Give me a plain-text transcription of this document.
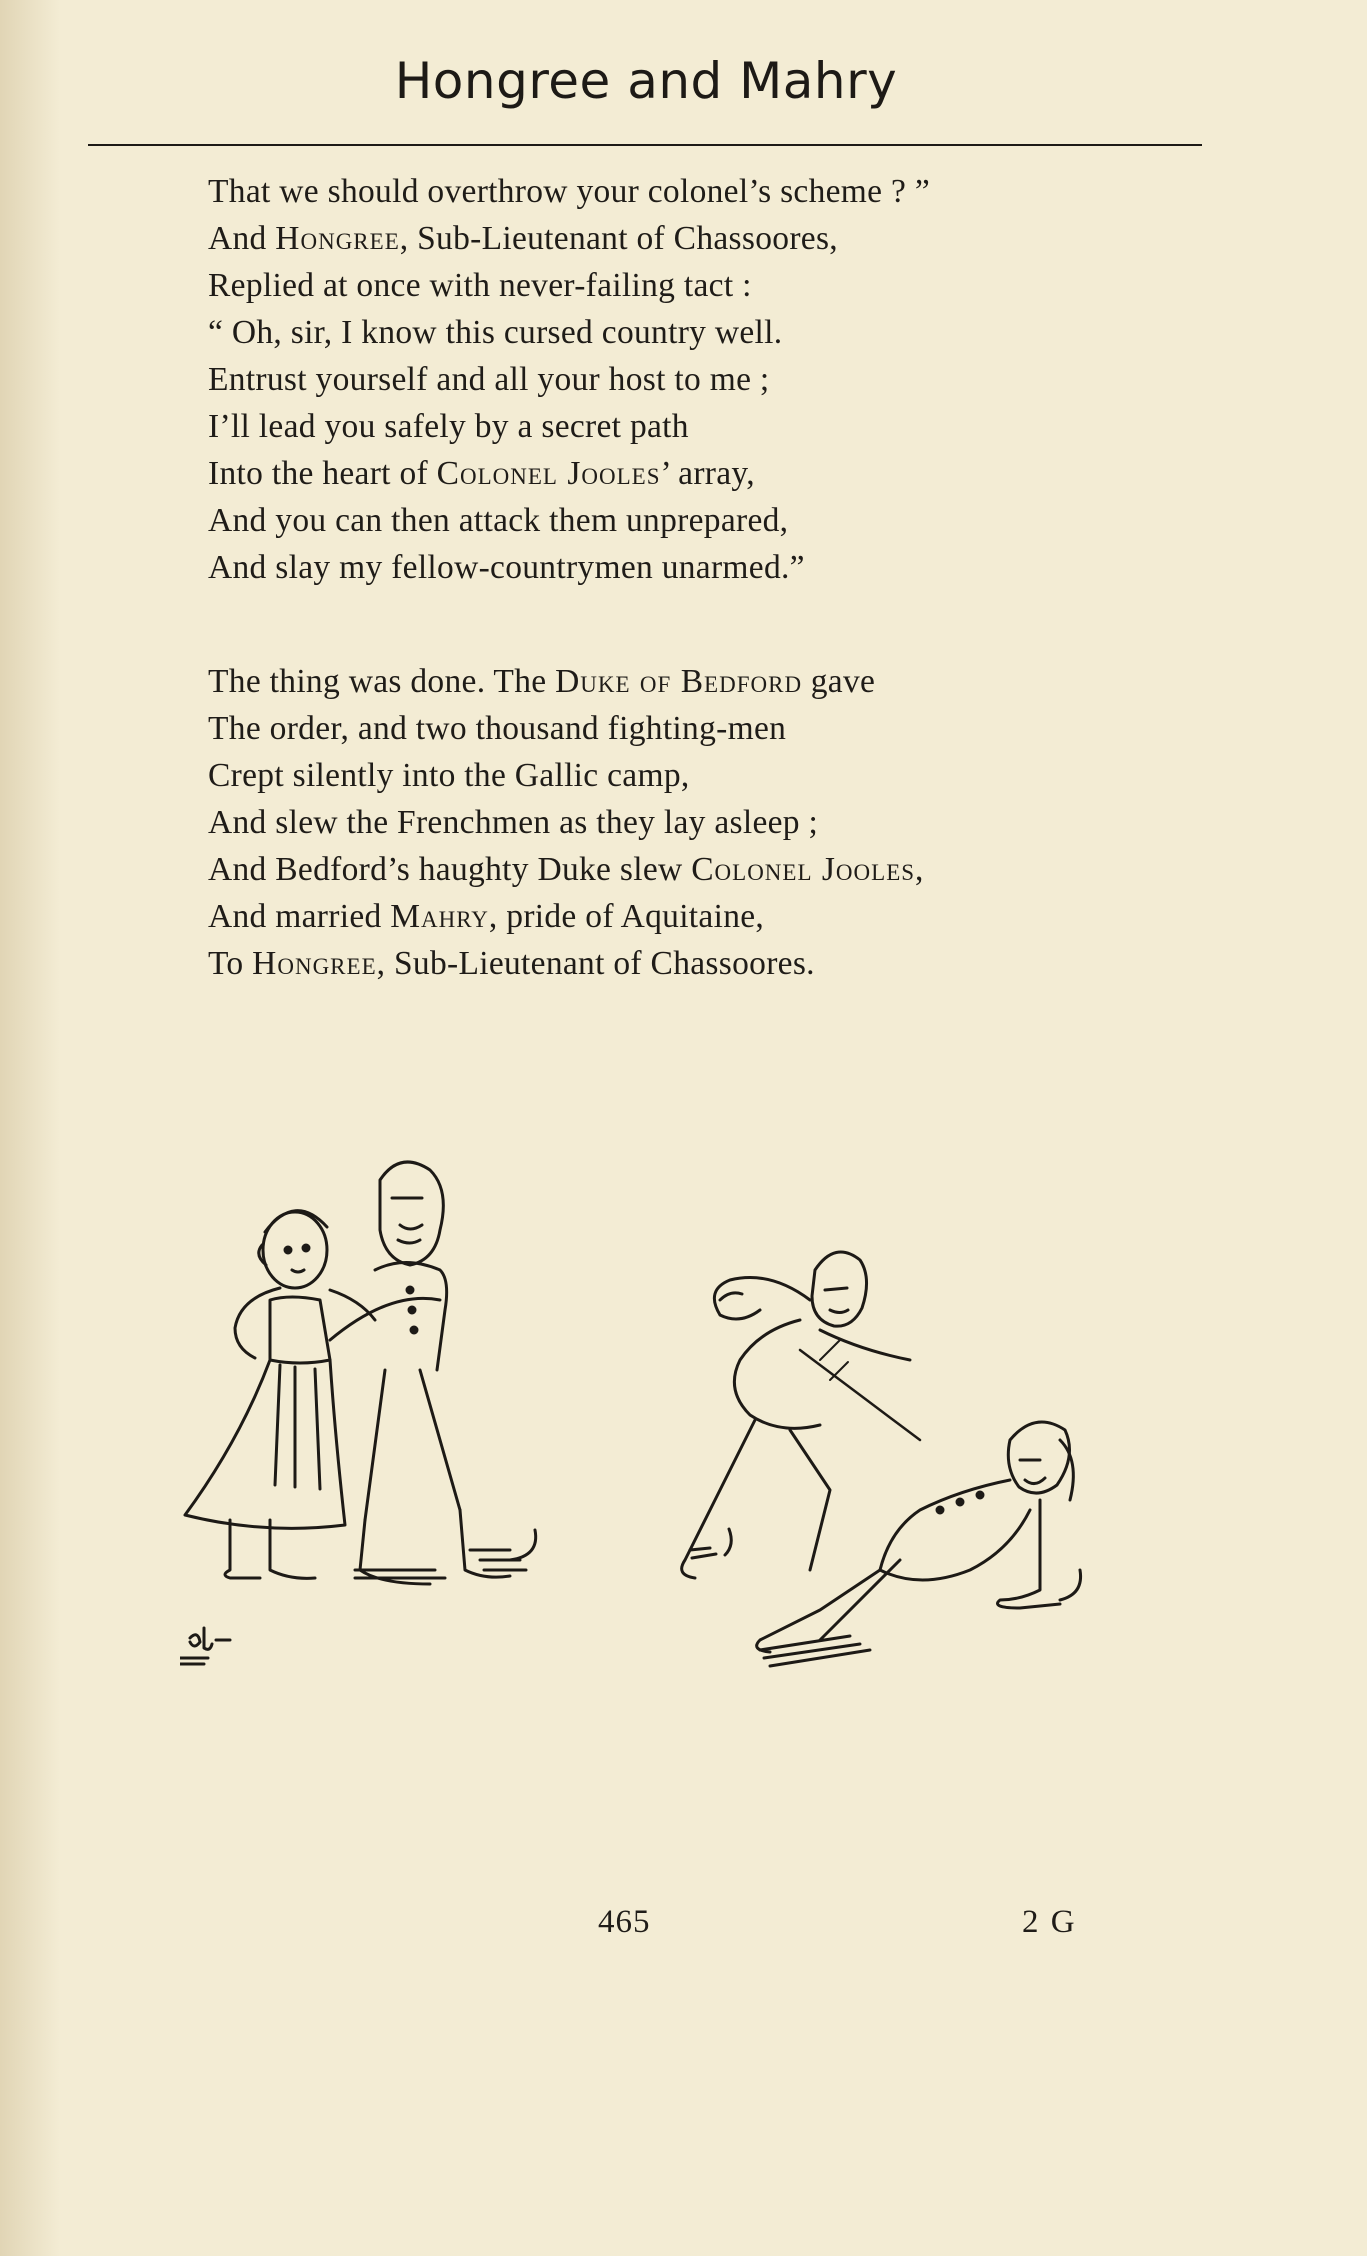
Hongree and Mahry
That we should overthrow your colonel’s scheme ? ”
And Hongree, Sub-Lieutenant of Chassoores,
Replied at once with never-failing tact :
“ Oh, sir, I know this cursed country well.
Entrust yourself and all your host to me ;
I’ll lead you safely by a secret path
Into the heart of Colonel Jooles’ array,
And you can then attack them unprepared,
And slay my fellow-countrymen unarmed.”
The thing was done. The Duke of Bedford gave
The order, and two thousand fighting-men
Crept silently into the Gallic camp,
And slew the Frenchmen as they lay asleep ;
And Bedford’s haughty Duke slew Colonel Jooles,
And married Mahry, pride of Aquitaine,
To Hongree, Sub-Lieutenant of Chassoores.
465	2 G
